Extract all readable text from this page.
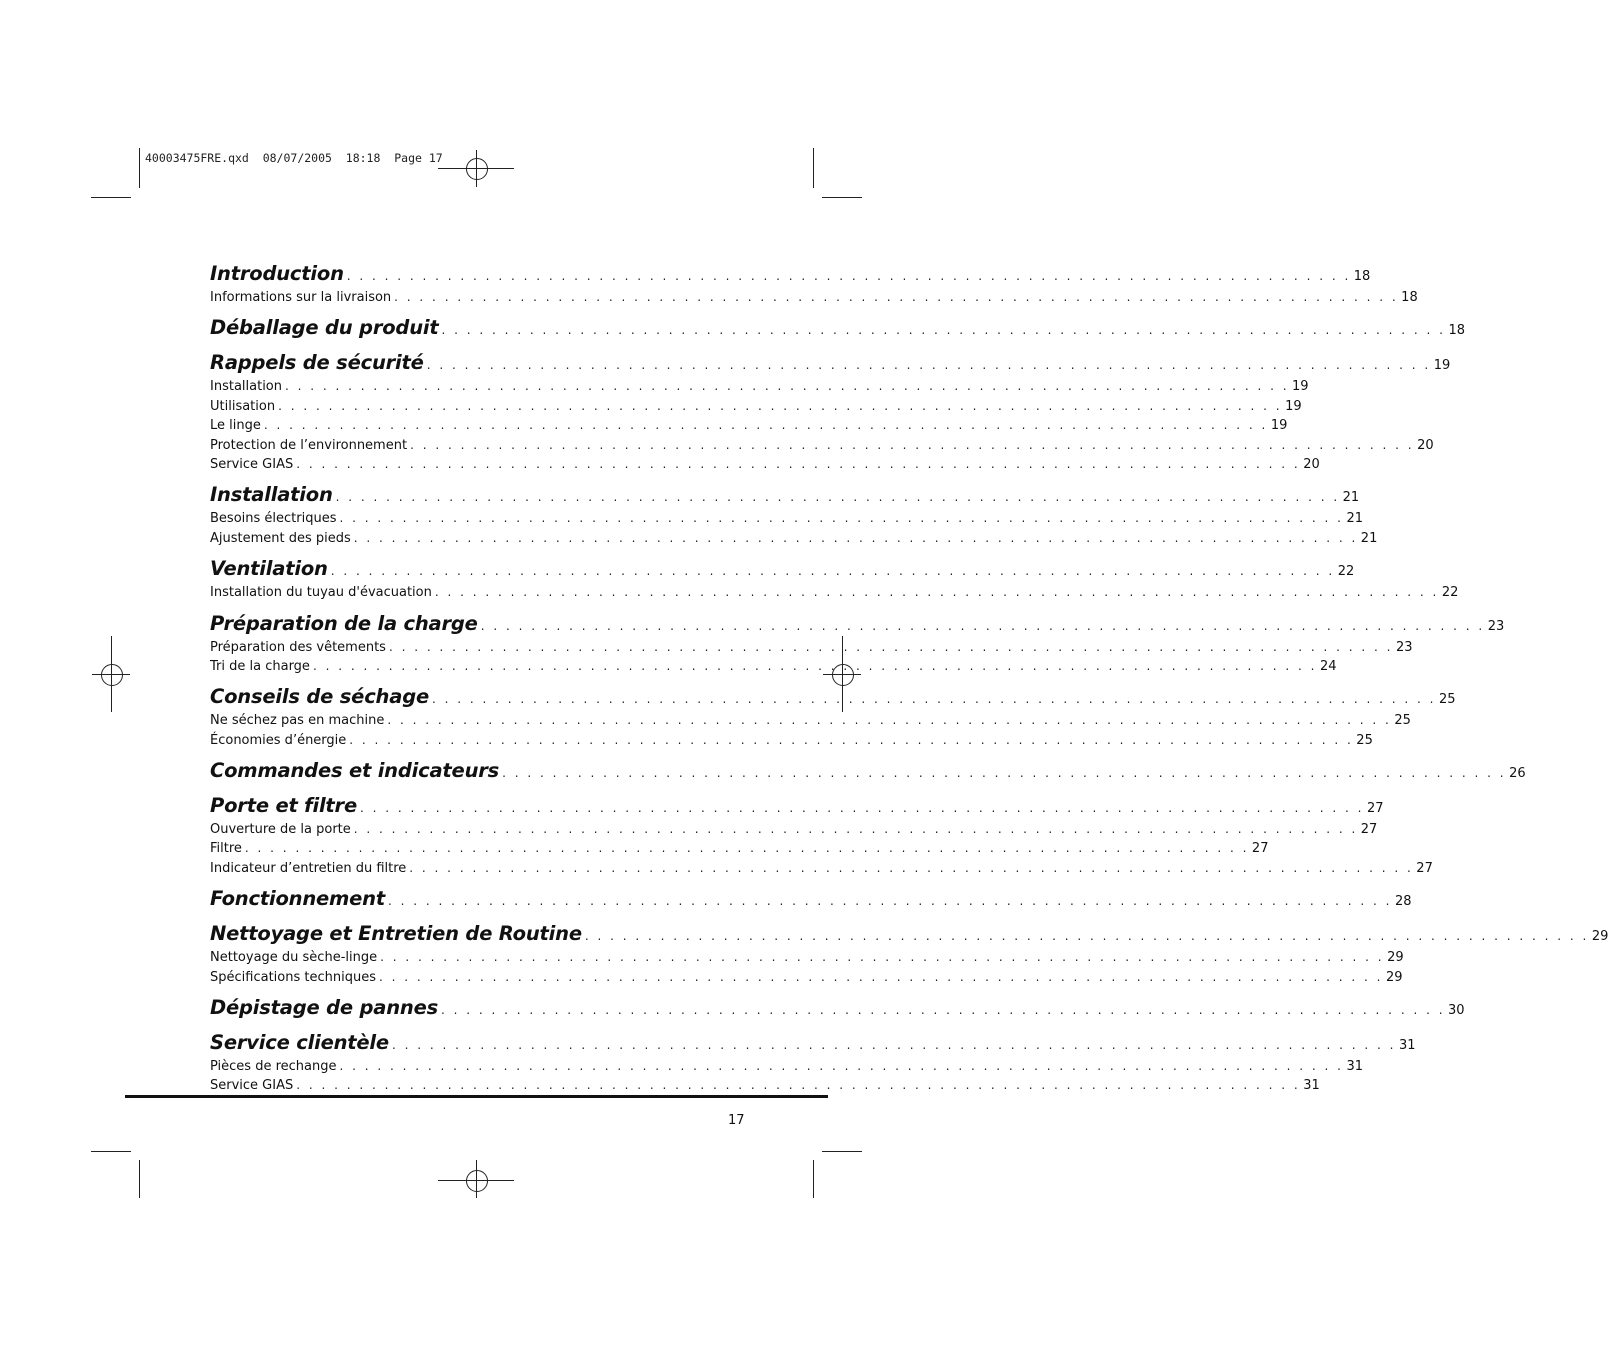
40003475FRE.qxd  08/07/2005  18:18  Page 17
Introduction . . . . . . . . . . . . . . . . . . . . . . . . . . . . . . . . . . . . . . . . . . . . . . . . . . . . . . . . . . . . . . . . . . . . . . . . . . . . . . . . 18
Informations sur la livraison . . . . . . . . . . . . . . . . . . . . . . . . . . . . . . . . . . . . . . . . . . . . . . . . . . . . . . . . . . . . . . . . . . . . . . . . . . . . . . . . 18
Déballage du produit . . . . . . . . . . . . . . . . . . . . . . . . . . . . . . . . . . . . . . . . . . . . . . . . . . . . . . . . . . . . . . . . . . . . . . . . . . . . . . . . 18
Rappels de sécurité . . . . . . . . . . . . . . . . . . . . . . . . . . . . . . . . . . . . . . . . . . . . . . . . . . . . . . . . . . . . . . . . . . . . . . . . . . . . . . . . 19
Installation . . . . . . . . . . . . . . . . . . . . . . . . . . . . . . . . . . . . . . . . . . . . . . . . . . . . . . . . . . . . . . . . . . . . . . . . . . . . . . . . 19
Utilisation . . . . . . . . . . . . . . . . . . . . . . . . . . . . . . . . . . . . . . . . . . . . . . . . . . . . . . . . . . . . . . . . . . . . . . . . . . . . . . . . 19
Le linge . . . . . . . . . . . . . . . . . . . . . . . . . . . . . . . . . . . . . . . . . . . . . . . . . . . . . . . . . . . . . . . . . . . . . . . . . . . . . . . . 19
Protection de l’environnement . . . . . . . . . . . . . . . . . . . . . . . . . . . . . . . . . . . . . . . . . . . . . . . . . . . . . . . . . . . . . . . . . . . . . . . . . . . . . . . . 20
Service GIAS . . . . . . . . . . . . . . . . . . . . . . . . . . . . . . . . . . . . . . . . . . . . . . . . . . . . . . . . . . . . . . . . . . . . . . . . . . . . . . . . 20
Installation . . . . . . . . . . . . . . . . . . . . . . . . . . . . . . . . . . . . . . . . . . . . . . . . . . . . . . . . . . . . . . . . . . . . . . . . . . . . . . . . 21
Besoins électriques . . . . . . . . . . . . . . . . . . . . . . . . . . . . . . . . . . . . . . . . . . . . . . . . . . . . . . . . . . . . . . . . . . . . . . . . . . . . . . . . 21
Ajustement des pieds . . . . . . . . . . . . . . . . . . . . . . . . . . . . . . . . . . . . . . . . . . . . . . . . . . . . . . . . . . . . . . . . . . . . . . . . . . . . . . . . 21
Ventilation . . . . . . . . . . . . . . . . . . . . . . . . . . . . . . . . . . . . . . . . . . . . . . . . . . . . . . . . . . . . . . . . . . . . . . . . . . . . . . . . 22
Installation du tuyau d'évacuation . . . . . . . . . . . . . . . . . . . . . . . . . . . . . . . . . . . . . . . . . . . . . . . . . . . . . . . . . . . . . . . . . . . . . . . . . . . . . . . . 22
Préparation de la charge . . . . . . . . . . . . . . . . . . . . . . . . . . . . . . . . . . . . . . . . . . . . . . . . . . . . . . . . . . . . . . . . . . . . . . . . . . . . . . . . 23
Préparation des vêtements . . . . . . . . . . . . . . . . . . . . . . . . . . . . . . . . . . . . . . . . . . . . . . . . . . . . . . . . . . . . . . . . . . . . . . . . . . . . . . . . 23
Tri de la charge . . . . . . . . . . . . . . . . . . . . . . . . . . . . . . . . . . . . . . . . . . . . . . . . . . . . . . . . . . . . . . . . . . . . . . . . . . . . . . . . 24
Conseils de séchage . . . . . . . . . . . . . . . . . . . . . . . . . . . . . . . . . . . . . . . . . . . . . . . . . . . . . . . . . . . . . . . . . . . . . . . . . . . . . . . . 25
Ne séchez pas en machine . . . . . . . . . . . . . . . . . . . . . . . . . . . . . . . . . . . . . . . . . . . . . . . . . . . . . . . . . . . . . . . . . . . . . . . . . . . . . . . . 25
Économies d’énergie . . . . . . . . . . . . . . . . . . . . . . . . . . . . . . . . . . . . . . . . . . . . . . . . . . . . . . . . . . . . . . . . . . . . . . . . . . . . . . . . 25
Commandes et indicateurs . . . . . . . . . . . . . . . . . . . . . . . . . . . . . . . . . . . . . . . . . . . . . . . . . . . . . . . . . . . . . . . . . . . . . . . . . . . . . . . . 26
Porte et filtre . . . . . . . . . . . . . . . . . . . . . . . . . . . . . . . . . . . . . . . . . . . . . . . . . . . . . . . . . . . . . . . . . . . . . . . . . . . . . . . . 27
Ouverture de la porte . . . . . . . . . . . . . . . . . . . . . . . . . . . . . . . . . . . . . . . . . . . . . . . . . . . . . . . . . . . . . . . . . . . . . . . . . . . . . . . . 27
Filtre . . . . . . . . . . . . . . . . . . . . . . . . . . . . . . . . . . . . . . . . . . . . . . . . . . . . . . . . . . . . . . . . . . . . . . . . . . . . . . . . 27
Indicateur d’entretien du filtre . . . . . . . . . . . . . . . . . . . . . . . . . . . . . . . . . . . . . . . . . . . . . . . . . . . . . . . . . . . . . . . . . . . . . . . . . . . . . . . . 27
Fonctionnement . . . . . . . . . . . . . . . . . . . . . . . . . . . . . . . . . . . . . . . . . . . . . . . . . . . . . . . . . . . . . . . . . . . . . . . . . . . . . . . . 28
Nettoyage et Entretien de Routine . . . . . . . . . . . . . . . . . . . . . . . . . . . . . . . . . . . . . . . . . . . . . . . . . . . . . . . . . . . . . . . . . . . . . . . . . . . . . . . . 29
Nettoyage du sèche-linge . . . . . . . . . . . . . . . . . . . . . . . . . . . . . . . . . . . . . . . . . . . . . . . . . . . . . . . . . . . . . . . . . . . . . . . . . . . . . . . . 29
Spécifications techniques . . . . . . . . . . . . . . . . . . . . . . . . . . . . . . . . . . . . . . . . . . . . . . . . . . . . . . . . . . . . . . . . . . . . . . . . . . . . . . . . 29
Dépistage de pannes . . . . . . . . . . . . . . . . . . . . . . . . . . . . . . . . . . . . . . . . . . . . . . . . . . . . . . . . . . . . . . . . . . . . . . . . . . . . . . . . 30
Service clientèle . . . . . . . . . . . . . . . . . . . . . . . . . . . . . . . . . . . . . . . . . . . . . . . . . . . . . . . . . . . . . . . . . . . . . . . . . . . . . . . . 31
Pièces de rechange . . . . . . . . . . . . . . . . . . . . . . . . . . . . . . . . . . . . . . . . . . . . . . . . . . . . . . . . . . . . . . . . . . . . . . . . . . . . . . . . 31
Service GIAS . . . . . . . . . . . . . . . . . . . . . . . . . . . . . . . . . . . . . . . . . . . . . . . . . . . . . . . . . . . . . . . . . . . . . . . . . . . . . . . . 31
17
